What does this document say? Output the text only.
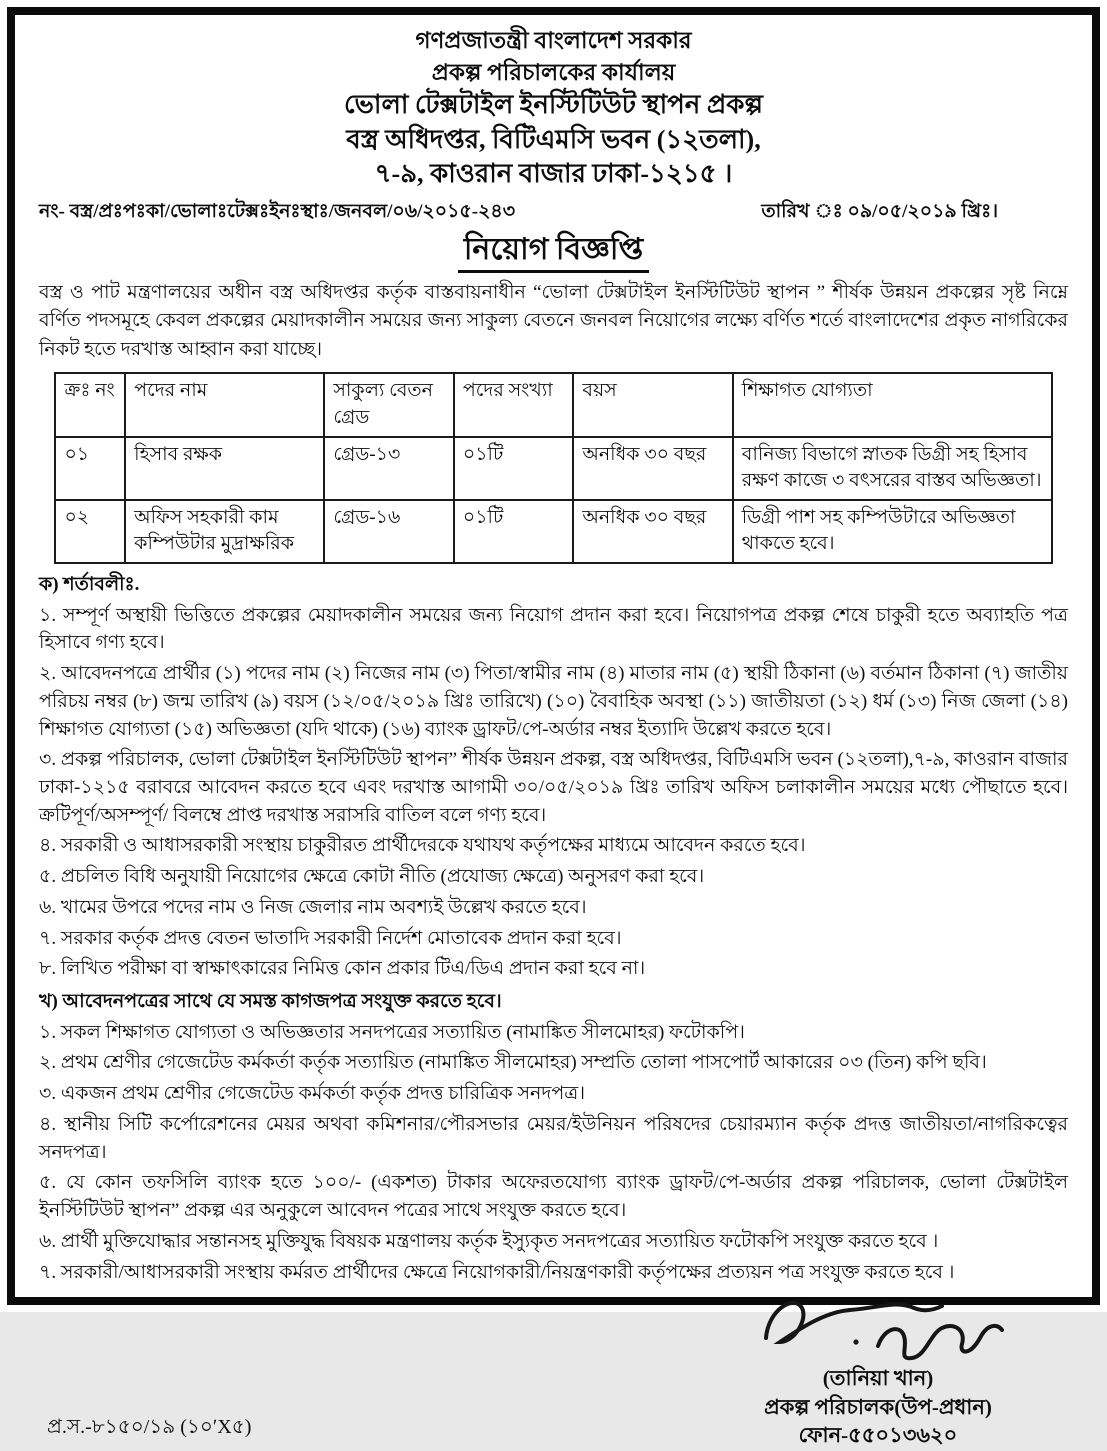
গণপ্রজাতন্ত্রী বাংলাদেশ সরকার
প্রকল্প পরিচালকের কার্যালয়
ভোলা টেক্সটাইল ইনস্টিটিউট স্থাপন প্রকল্প
বস্ত্র অধিদপ্তর, বিটিএমসি ভবন (১২তলা),
৭-৯, কাওরান বাজার ঢাকা-১২১৫ ।
নং- বস্ত্র/প্রঃপঃকা/ভোলাঃটেক্সঃইনঃস্থাঃ/জনবল/০৬/২০১৫-২৪৩	তারিখ ঃ ০৯/০৫/২০১৯ খ্রিঃ।
নিয়োগ বিজ্ঞপ্তি

বস্ত্র ও পাট মন্ত্রণালয়ের অধীন বস্ত্র অধিদপ্তর কর্তৃক বাস্তবায়নাধীন “ভোলা টেক্সটাইল ইনস্টিটিউট স্থাপন ” শীর্ষক উন্নয়ন প্রকল্পের সৃষ্ট নিম্নে বর্ণিত পদসমূহে কেবল প্রকল্পের মেয়াদকালীন সময়ের জন্য সাকুল্য বেতনে জনবল নিয়োগের লক্ষ্যে বর্ণিত শর্তে বাংলাদেশের প্রকৃত নাগরিকের নিকট হতে দরখাস্ত আহ্বান করা যাচ্ছে।

ক্রঃ নং	পদের নাম	সাকুল্য বেতন গ্রেড	পদের সংখ্যা	বয়স	শিক্ষাগত যোগ্যতা
০১	হিসাব রক্ষক	গ্রেড-১৩	০১টি	অনধিক ৩০ বছর	বানিজ্য বিভাগে স্নাতক ডিগ্রী সহ হিসাব রক্ষণ কাজে ৩ বৎসরের বাস্তব অভিজ্ঞতা।
০২	অফিস সহকারী কাম কম্পিউটার মুদ্রাক্ষরিক	গ্রেড-১৬	০১টি	অনধিক ৩০ বছর	ডিগ্রী পাশ সহ কম্পিউটারে অভিজ্ঞতা থাকতে হবে।
ক) শর্তাবলীঃ.

১. সম্পূর্ণ অস্থায়ী ভিত্তিতে প্রকল্পের মেয়াদকালীন সময়ের জন্য নিয়োগ প্রদান করা হবে। নিয়োগপত্র প্রকল্প শেষে চাকুরী হতে অব্যাহতি পত্র হিসাবে গণ্য হবে।

২. আবেদনপত্রে প্রার্থীর (১) পদের নাম (২) নিজের নাম (৩) পিতা/স্বামীর নাম (৪) মাতার নাম (৫) স্থায়ী ঠিকানা (৬) বর্তমান ঠিকানা (৭) জাতীয় পরিচয় নম্বর (৮) জন্ম তারিখ (৯) বয়স (১২/০৫/২০১৯ খ্রিঃ তারিখে) (১০) বৈবাহিক অবস্থা (১১) জাতীয়তা (১২) ধর্ম (১৩) নিজ জেলা (১৪) শিক্ষাগত যোগ্যতা (১৫) অভিজ্ঞতা (যদি থাকে) (১৬) ব্যাংক ড্রাফট/পে-অর্ডার নম্বর ইত্যাদি উল্লেখ করতে হবে।

৩. প্রকল্প পরিচালক, ভোলা টেক্সটাইল ইনস্টিটিউট স্থাপন” শীর্ষক উন্নয়ন প্রকল্প, বস্ত্র অধিদপ্তর, বিটিএমসি ভবন (১২তলা),৭-৯, কাওরান বাজার ঢাকা-১২১৫ বরাবরে আবেদন করতে হবে এবং দরখাস্ত আগামী ৩০/০৫/২০১৯ খ্রিঃ তারিখ অফিস চলাকালীন সময়ের মধ্যে পৌছাতে হবে। ক্রটিপূর্ণ/অসম্পূর্ণ/ বিলম্বে প্রাপ্ত দরখাস্ত সরাসরি বাতিল বলে গণ্য হবে।

৪. সরকারী ও আধাসরকারী সংস্থায় চাকুরীরত প্রার্থীদেরকে যথাযথ কর্তৃপক্ষের মাধ্যমে আবেদন করতে হবে।

৫. প্রচলিত বিধি অনুযায়ী নিয়োগের ক্ষেত্রে কোটা নীতি (প্রযোজ্য ক্ষেত্রে) অনুসরণ করা হবে।

৬. খামের উপরে পদের নাম ও নিজ জেলার নাম অবশ্যই উল্লেখ করতে হবে।

৭. সরকার কর্তৃক প্রদত্ত বেতন ভাতাদি সরকারী নির্দেশ মোতাবেক প্রদান করা হবে।

৮. লিখিত পরীক্ষা বা স্বাক্ষাৎকারের নিমিত্ত কোন প্রকার টিএ/ডিএ প্রদান করা হবে না।

খ) আবেদনপত্রের সাথে যে সমস্ত কাগজপত্র সংযুক্ত করতে হবে।

১. সকল শিক্ষাগত যোগ্যতা ও অভিজ্ঞতার সনদপত্রের সত্যায়িত (নামাঙ্কিত সীলমোহর) ফটোকপি।

২. প্রথম শ্রেণীর গেজেটেড কর্মকর্তা কর্তৃক সত্যায়িত (নামাঙ্কিত সীলমোহর) সম্প্রতি তোলা পাসপোর্ট আকারের ০৩ (তিন) কপি ছবি।

৩. একজন প্রথম শ্রেণীর গেজেটেড কর্মকর্তা কর্তৃক প্রদত্ত চারিত্রিক সনদপত্র।

৪. স্থানীয় সিটি কর্পোরেশনের মেয়র অথবা কমিশনার/পৌরসভার মেয়র/ইউনিয়ন পরিষদের চেয়ারম্যান কর্তৃক প্রদত্ত জাতীয়তা/নাগরিকত্বের সনদপত্র।

৫. যে কোন তফসিলি ব্যাংক হতে ১০০/- (একশত) টাকার অফেরতযোগ্য ব্যাংক ড্রাফট/পে-অর্ডার প্রকল্প পরিচালক, ভোলা টেক্সটাইল ইনস্টিটিউট স্থাপন” প্রকল্প এর অনুকুলে আবেদন পত্রের সাথে সংযুক্ত করতে হবে।

৬. প্রার্থী মুক্তিযোদ্ধার সন্তানসহ মুক্তিযুদ্ধ বিষয়ক মন্ত্রণালয় কর্তৃক ইস্যুকৃত সনদপত্রের সত্যায়িত ফটোকপি সংযুক্ত করতে হবে ।

৭. সরকারী/আধাসরকারী সংস্থায় কর্মরত প্রার্থীদের ক্ষেত্রে নিয়োগকারী/নিয়ন্ত্রণকারী কর্তৃপক্ষের প্রত্যয়ন পত্র সংযুক্ত করতে হবে ।

প্র.স.-৮১৫০/১৯ (১০ʹX৫)
(তানিয়া খান)
প্রকল্প পরিচালক(উপ-প্রধান)
ফোন-৫৫০১৩৬২০
